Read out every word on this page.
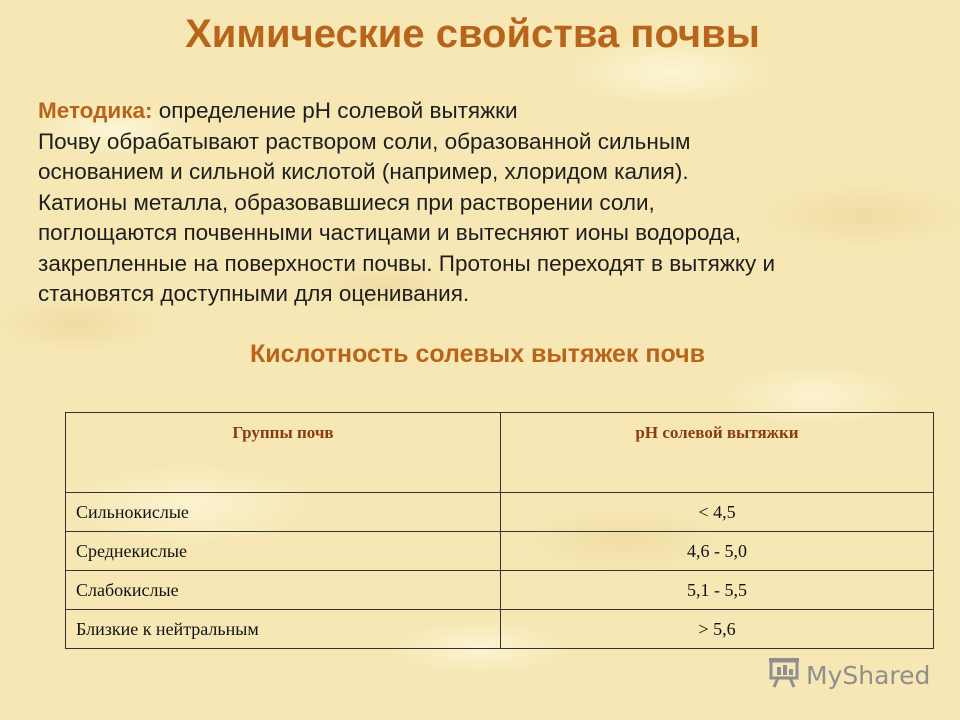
Химические свойства почвы
Методика: определение рН солевой вытяжки
Почву обрабатывают раствором соли, образованной сильным
основанием и сильной кислотой (например, хлоридом калия).
Катионы металла, образовавшиеся при растворении соли,
поглощаются почвенными частицами и вытесняют ионы водорода,
закрепленные на поверхности почвы. Протоны переходят в вытяжку и
становятся доступными для оценивания.
Кислотность солевых вытяжек почв
Группы почв	рН солевой вытяжки
Сильнокислые	< 4,5
Среднекислые	4,6 - 5,0
Слабокислые	5,1 - 5,5
Близкие к нейтральным	> 5,6
MyShared
